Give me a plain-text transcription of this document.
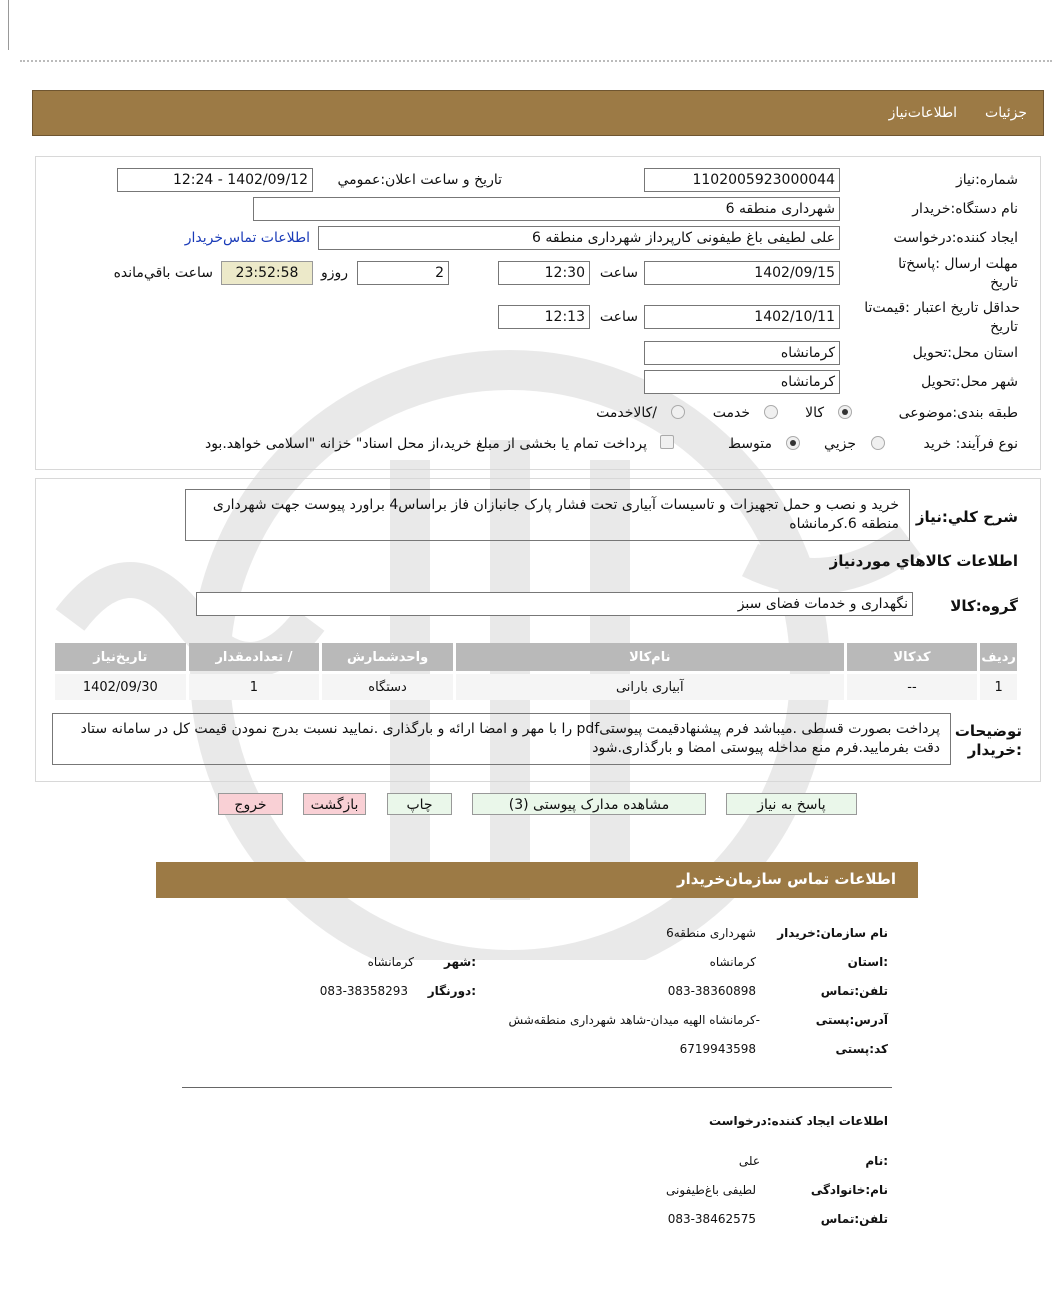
جزئيات
اطلاعات‌نياز
شماره:نياز
1102005923000044
تاريخ و ساعت اعلان:عمومي
1402/09/12 - 12:24
نام دستگاه:خريدار
شهرداری منطقه 6
ايجاد كننده:درخواست
علی لطیفی باغ طیفونی کارپرداز شهرداری منطقه 6
اطلاعات تماس‌خريدار
مهلت ارسال :پاسخ‌تا
تاريخ
1402/09/15
ساعت
12:30
2
روزو
23:52:58
ساعت باقي‌مانده
حداقل تاريخ اعتبار :قيمت‌تا
تاريخ
1402/10/11
ساعت
12:13
استان محل:تحويل
کرمانشاه
شهر محل:تحويل
کرمانشاه
طبقه بندی:موضوعی
كالا
خدمت
/كالاخدمت
نوع فرآيند: خريد
جزيي
متوسط
پرداخت تمام يا بخشی از مبلغ خريد،از محل اسناد" خزانه "اسلامی خواهد.بود
شرح كلي:نياز
خرید و نصب و حمل تجهیزات و تاسیسات آبیاری تحت فشار پارک جانبازان فاز براساس4 براورد پیوست جهت شهرداری منطقه 6.کرمانشاه
اطلاعات كالاهاي موردنياز
گروه:كالا
نگهداری و خدمات فضای سبز
رديف	كدكالا	نام‌كالا	واحدشمارش	/ تعدادمقدار	تاريخ‌نياز
1	--	آبیاری بارانی	دستگاه	1	1402/09/30
توضيحات
:خريدار
پرداخت بصورت قسطی .میباشد فرم پیشنهادقیمت پیوستیpdf را با مهر و امضا ارائه و بارگذاری .نمایید نسبت بدرج نمودن قیمت کل در سامانه ستاد دقت بفرمایید.فرم منع مداخله پیوستی امضا و بارگذاری.شود
پاسخ به نياز
مشاهده مدارک پیوستی (3)
چاپ
بازگشت
خروج
اطلاعات تماس سازمان‌خريدار
نام سازمان:خريدار
شهرداری منطقه6
:استان
کرمانشاه
:شهر
کرمانشاه
تلفن:تماس
083-38360898
:دورنگار
083-38358293
آدرس:پستی
-کرمانشاه الهیه میدان-شاهد شهرداری منطقه‌شش
كد:پستی
6719943598
اطلاعات ايجاد كننده:درخواست
:نام
علی
نام:خانوادگی
لطیفی باغ‌طیفونی
تلفن:تماس
083-38462575
